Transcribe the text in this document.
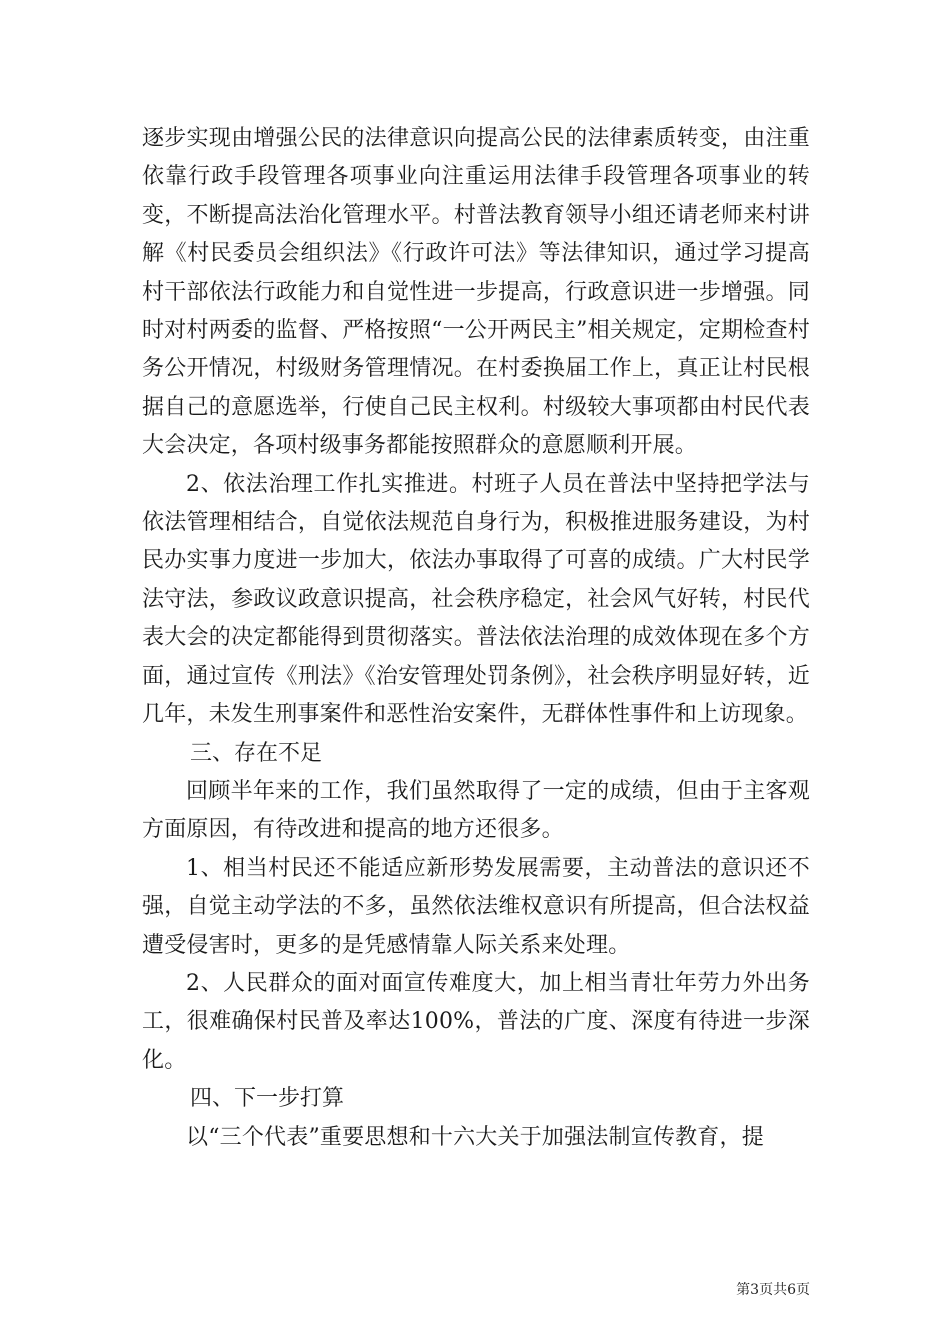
逐步实现由增强公民的法律意识向提高公民的法律素质转变，由注重依靠行政手段管理各项事业向注重运用法律手段管理各项事业的转变，不断提高法治化管理水平。村普法教育领导小组还请老师来村讲解《村民委员会组织法》《行政许可法》等法律知识，通过学习提高村干部依法行政能力和自觉性进一步提高，行政意识进一步增强。同时对村两委的监督、严格按照“一公开两民主”相关规定，定期检查村务公开情况，村级财务管理情况。在村委换届工作上，真正让村民根据自己的意愿选举，行使自己民主权利。村级较大事项都由村民代表大会决定，各项村级事务都能按照群众的意愿顺利开展。

2、依法治理工作扎实推进。村班子人员在普法中坚持把学法与依法管理相结合，自觉依法规范自身行为，积极推进服务建设，为村民办实事力度进一步加大，依法办事取得了可喜的成绩。广大村民学法守法，参政议政意识提高，社会秩序稳定，社会风气好转，村民代表大会的决定都能得到贯彻落实。普法依法治理的成效体现在多个方面，通过宣传《刑法》《治安管理处罚条例》，社会秩序明显好转，近几年，未发生刑事案件和恶性治安案件，无群体性事件和上访现象。

三、存在不足

回顾半年来的工作，我们虽然取得了一定的成绩，但由于主客观方面原因，有待改进和提高的地方还很多。

1、相当村民还不能适应新形势发展需要，主动普法的意识还不强，自觉主动学法的不多，虽然依法维权意识有所提高，但合法权益遭受侵害时，更多的是凭感情靠人际关系来处理。

2、人民群众的面对面宣传难度大，加上相当青壮年劳力外出务工，很难确保村民普及率达100%，普法的广度、深度有待进一步深化。

四、下一步打算

以“三个代表”重要思想和十六大关于加强法制宣传教育，提

第3页共6页
